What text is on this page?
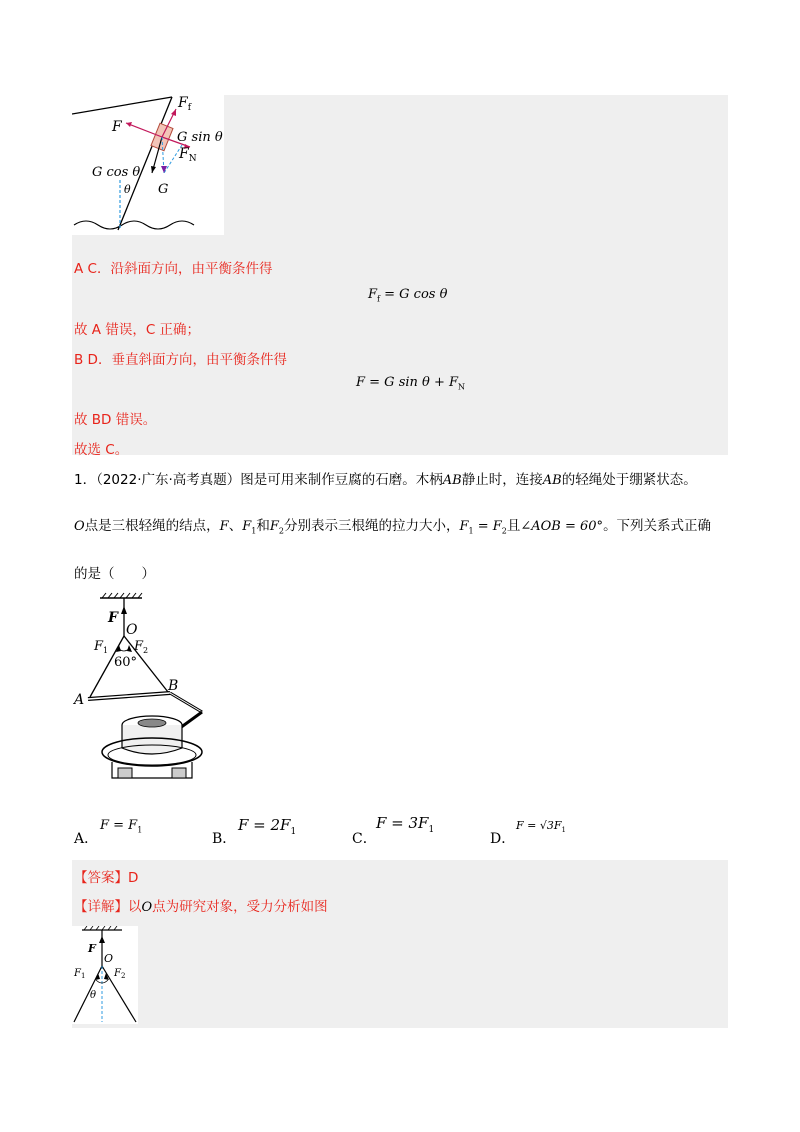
$F_f$
F
G sin θ
$F_N$
G cos θ
θ G
A C．沿斜面方向，由平衡条件得
$F_f = G$ cos θ
故 A 错误，C 正确；
B D．垂直斜面方向，由平衡条件得
F = G $\sin \theta + F_N$
故 BD 错误。
故选 C。
1．（2022·广东·高考真题）图是可用来制作豆腐的石磨。木柄AB静止时，连接AB的轻绳处于绷紧状态。
O点是三根轻绳的结点，F、$F_1$和$F_2$分别表示三根绳的拉力大小，$F_1 = F_2$且∠AOB = 60°。下列关系式正确
的是（　　）
F
O
$F_1$ $F_2$
60°
A
B
A．
$F = F_1$
B．
$F = 2F_1$	C．
$F = 3F_1$
D．
$F = √3F_1$
【答案】D
【详解】以O点为研究对象，受力分析如图
F
O
$F_1$	$F_2$
θ
